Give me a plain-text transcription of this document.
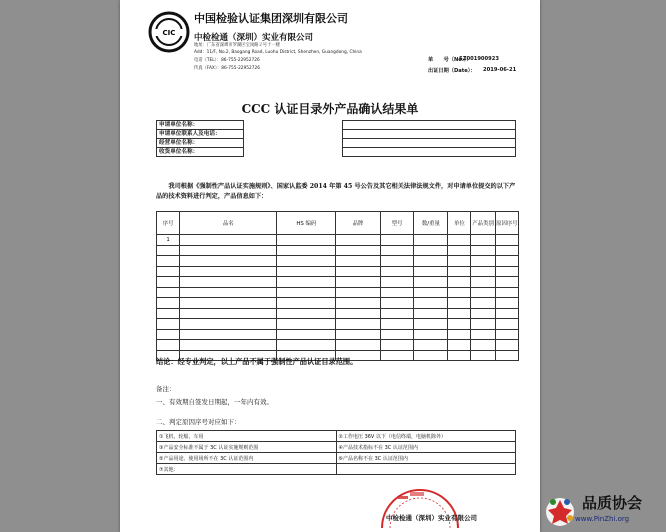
CIC
中国检验认证集团深圳有限公司
中检检通（深圳）实业有限公司
地址：广东省深圳市罗湖区宝岗路２号十一楼
Add：11/F, No.2, Baogang Road, Luohu District, Shenzhen, Guangdong, China
电话（TEL）：86-755-22952726
传真（FAX）：86-755-22952726
单　　号（No.）：
SZ001900923
出证日期（Date）： 2019-06-21
CCC 认证目录外产品确认结果单
申请单位名称：		
申请单位联系人及电话：		
经营单位名称：		
收货单位名称：		
我司根据《强制性产品认证实施规则》、国家认监委 2014 年第 45 号公告及其它相关法律法规文件，对申请单位提交的以下产品的技术资料进行判定，产品信息如下：
序号	品名	HS 编码	品牌	型号	数/重量	单位	产品类别	原因序号
1								

结论：经专业判定，以上产品不属于强制性产品认证目录范围。
备注：
一、有效期自签发日期起，一年内有效。
二、判定原因序号对应如下：
①飞机、轮船、车用	②工作电压 36V 以下（电信终端，电脑机除外）
③产品安全标准不属于 3C 认证实施规则范围	④产品技术指标不在 3C 认证范围内
⑤产品用途、使用场所不在 3C 认证范围内	⑥产品名称不在 3C 认证范围内
⑦其他：	
中检检通（深圳）实业有限公司
品质协会
www.PinZhi.org
